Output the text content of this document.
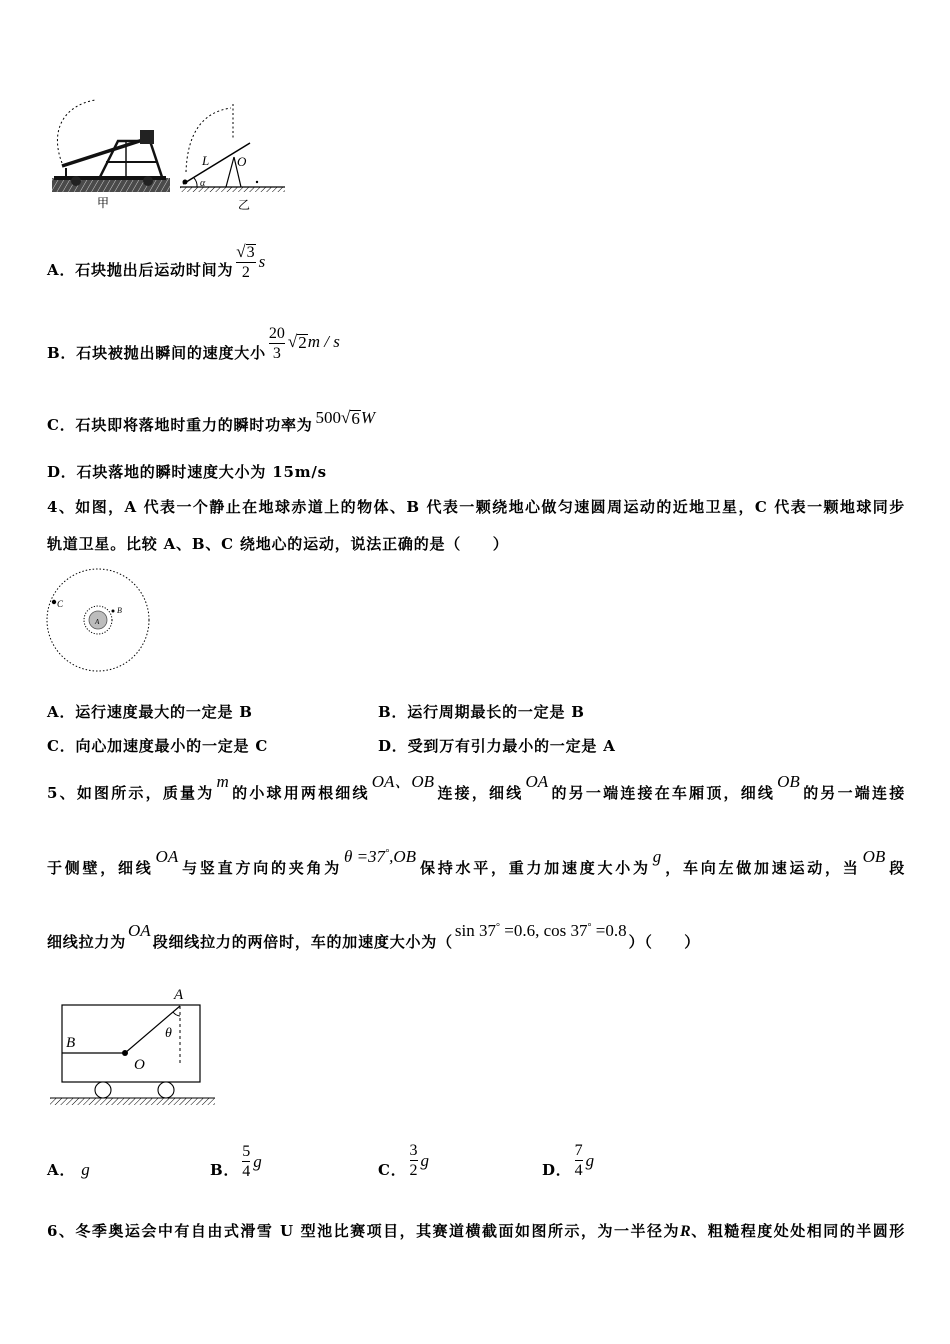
甲
L O
α
乙
A．石块抛出后运动时间为 $\frac{√3}{2}$ s
B．石块被抛出瞬间的速度大小 $\frac{20}{3}$ √ 2 m / s
C．石块即将落地时重力的瞬时功率为 500 √ 6 W
D．石块落地的瞬时速度大小为 15m/s
4、如图，A 代表一个静止在地球赤道上的物体、B 代表一颗绕地心做匀速圆周运动的近地卫星，C 代表一颗地球同步
轨道卫星。比较 A、B、C 绕地心的运动，说法正确的是（　　）
C
A
B
A．运行速度最大的一定是 B	B．运行周期最长的一定是 B
C．向心加速度最小的一定是 C	D．受到万有引力最小的一定是 A
5、如图所示，质量为m的小球用两根细线OA、OB连接，细线OA的另一端连接在车厢顶，细线OB的另一端连接
于侧壁，细线OA与竖直方向的夹角为θ =37°,OB保持水平，重力加速度大小为g，车向左做加速运动，当OB段
细线拉力为OA段细线拉力的两倍时，车的加速度大小为（sin 37° =0.6, cos 37° =0.8）（　　）
A
θ
B
O
A． g	B． $\frac{5}{4}$ g	C． $\frac{3}{2}$ g	D． $\frac{7}{4}$ g
6、冬季奥运会中有自由式滑雪 U 型池比赛项目，其赛道横截面如图所示，为一半径为R、粗糙程度处处相同的半圆形
